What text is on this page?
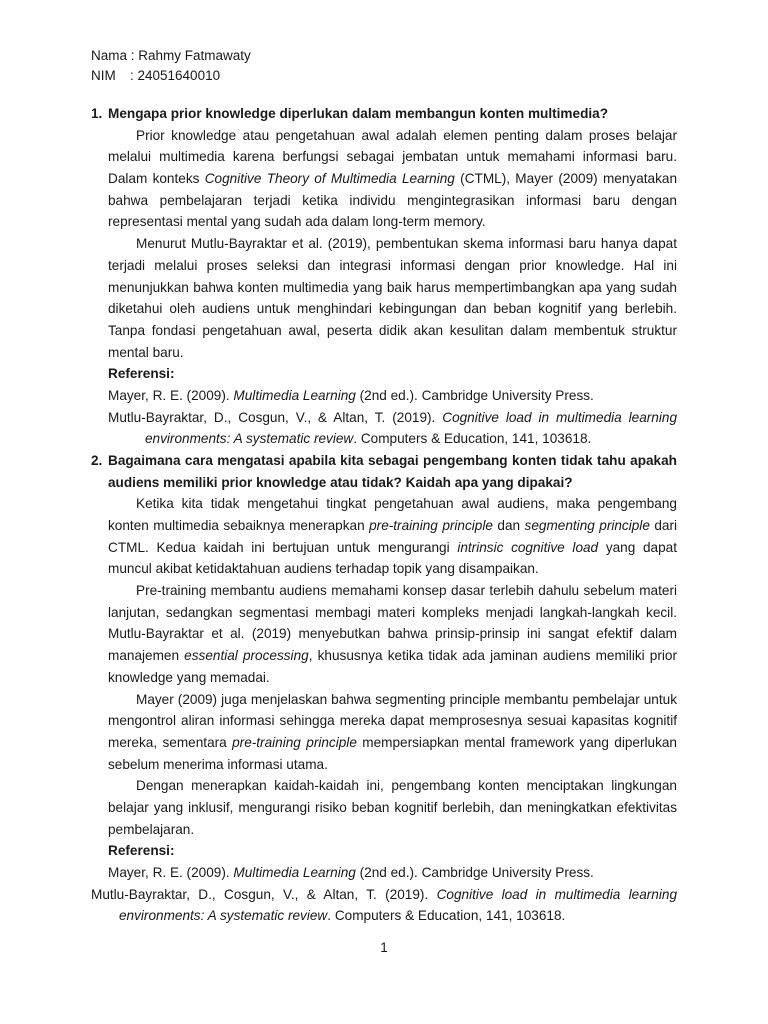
Nama : Rahmy Fatmawaty
NIM : 24051640010
1. Mengapa prior knowledge diperlukan dalam membangun konten multimedia?

Prior knowledge atau pengetahuan awal adalah elemen penting dalam proses belajar melalui multimedia karena berfungsi sebagai jembatan untuk memahami informasi baru. Dalam konteks Cognitive Theory of Multimedia Learning (CTML), Mayer (2009) menyatakan bahwa pembelajaran terjadi ketika individu mengintegrasikan informasi baru dengan representasi mental yang sudah ada dalam long-term memory.

Menurut Mutlu-Bayraktar et al. (2019), pembentukan skema informasi baru hanya dapat terjadi melalui proses seleksi dan integrasi informasi dengan prior knowledge. Hal ini menunjukkan bahwa konten multimedia yang baik harus mempertimbangkan apa yang sudah diketahui oleh audiens untuk menghindari kebingungan dan beban kognitif yang berlebih. Tanpa fondasi pengetahuan awal, peserta didik akan kesulitan dalam membentuk struktur mental baru.

Referensi:
Mayer, R. E. (2009). Multimedia Learning (2nd ed.). Cambridge University Press.
Mutlu-Bayraktar, D., Cosgun, V., & Altan, T. (2019). Cognitive load in multimedia learning environments: A systematic review. Computers & Education, 141, 103618.
2. Bagaimana cara mengatasi apabila kita sebagai pengembang konten tidak tahu apakah audiens memiliki prior knowledge atau tidak? Kaidah apa yang dipakai?

Ketika kita tidak mengetahui tingkat pengetahuan awal audiens, maka pengembang konten multimedia sebaiknya menerapkan pre-training principle dan segmenting principle dari CTML. Kedua kaidah ini bertujuan untuk mengurangi intrinsic cognitive load yang dapat muncul akibat ketidaktahuan audiens terhadap topik yang disampaikan.

Pre-training membantu audiens memahami konsep dasar terlebih dahulu sebelum materi lanjutan, sedangkan segmentasi membagi materi kompleks menjadi langkah-langkah kecil. Mutlu-Bayraktar et al. (2019) menyebutkan bahwa prinsip-prinsip ini sangat efektif dalam manajemen essential processing, khususnya ketika tidak ada jaminan audiens memiliki prior knowledge yang memadai.

Mayer (2009) juga menjelaskan bahwa segmenting principle membantu pembelajar untuk mengontrol aliran informasi sehingga mereka dapat memprosesnya sesuai kapasitas kognitif mereka, sementara pre-training principle mempersiapkan mental framework yang diperlukan sebelum menerima informasi utama.

Dengan menerapkan kaidah-kaidah ini, pengembang konten menciptakan lingkungan belajar yang inklusif, mengurangi risiko beban kognitif berlebih, dan meningkatkan efektivitas pembelajaran.

Referensi:
Mayer, R. E. (2009). Multimedia Learning (2nd ed.). Cambridge University Press.
Mutlu-Bayraktar, D., Cosgun, V., & Altan, T. (2019). Cognitive load in multimedia learning environments: A systematic review. Computers & Education, 141, 103618.
1
